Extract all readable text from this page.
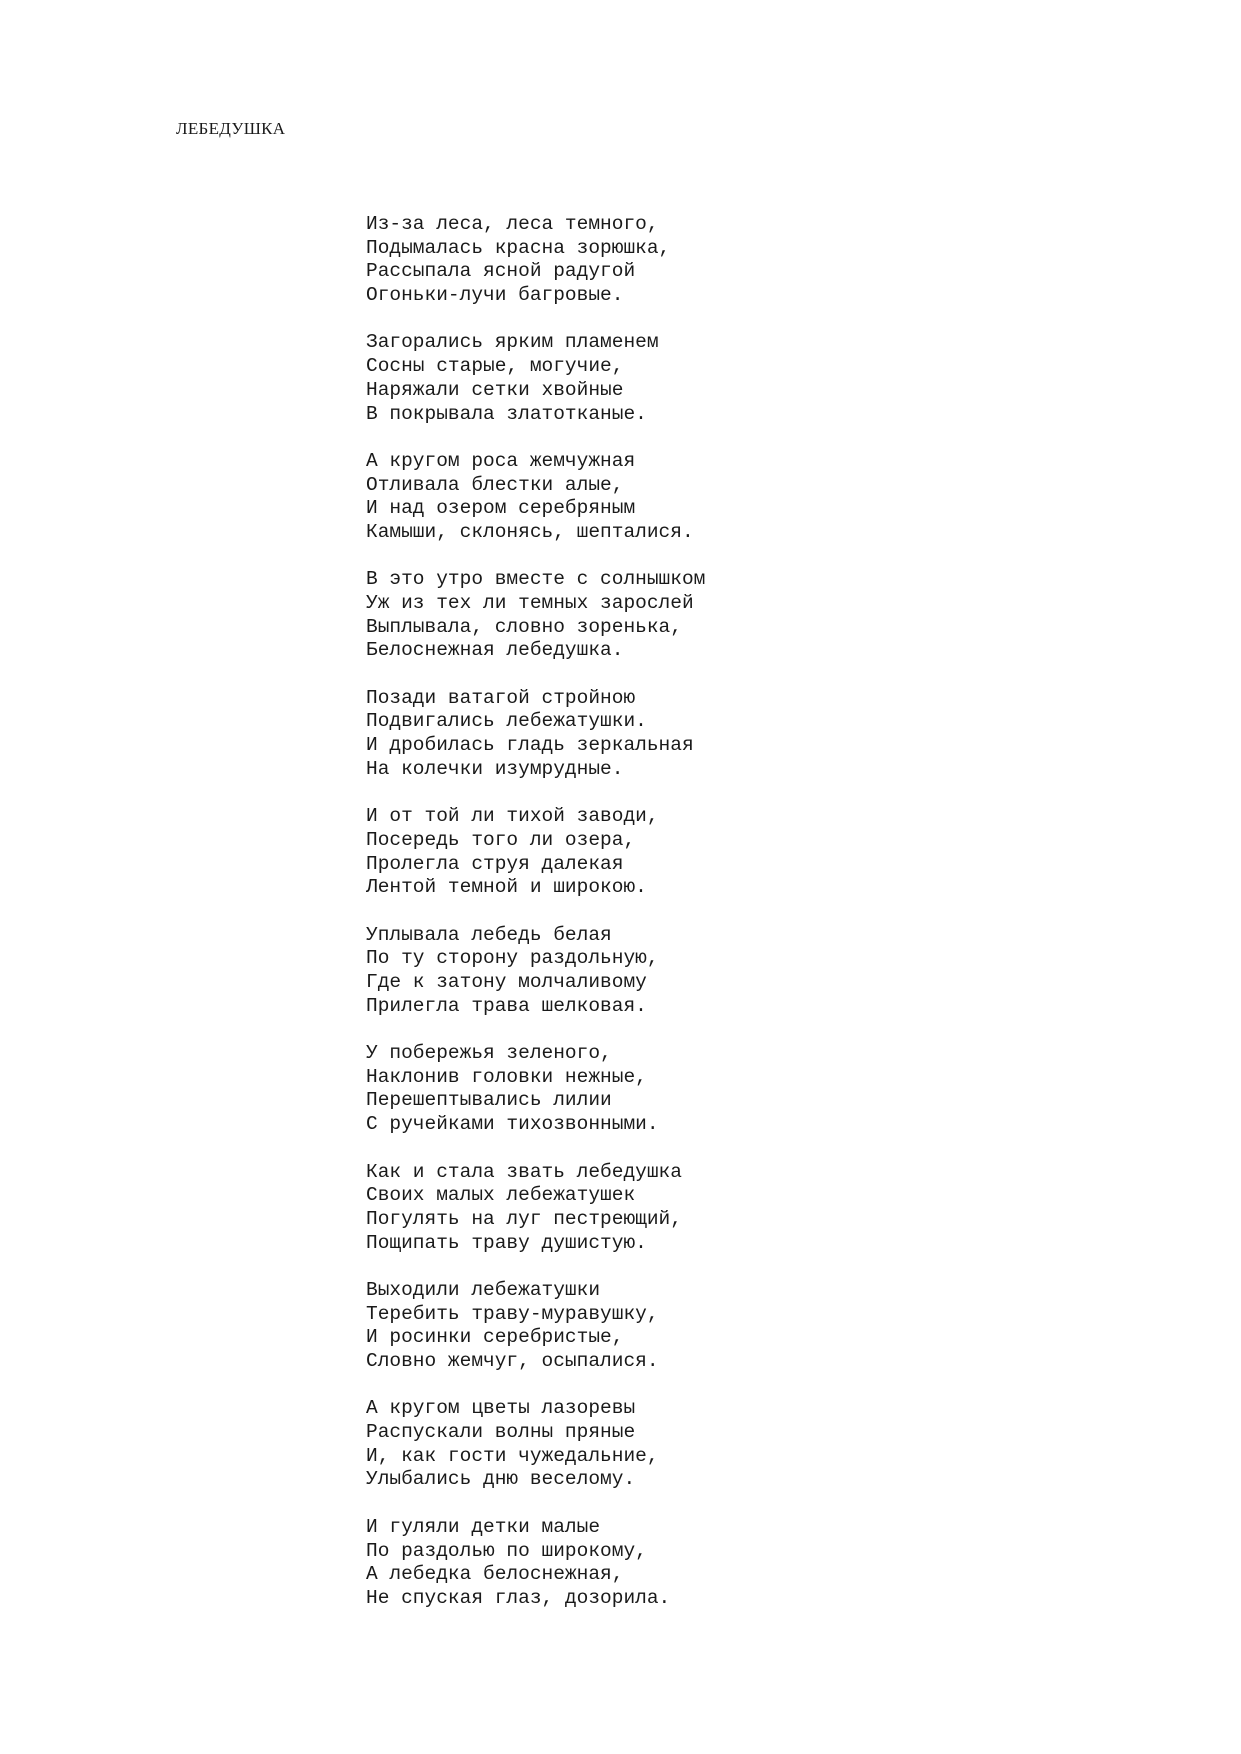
ЛЕБЕДУШКА
Из-за леса, леса темного,
Подымалась красна зорюшка,
Рассыпала ясной радугой
Огоньки-лучи багровые.
Загорались ярким пламенем
Сосны старые, могучие,
Наряжали сетки хвойные
В покрывала златотканые.
А кругом роса жемчужная
Отливала блестки алые,
И над озером серебряным
Камыши, склонясь, шепталися.
В это утро вместе с солнышком
Уж из тех ли темных зарослей
Выплывала, словно зоренька,
Белоснежная лебедушка.
Позади ватагой стройною
Подвигались лебежатушки.
И дробилась гладь зеркальная
На колечки изумрудные.
И от той ли тихой заводи,
Посередь того ли озера,
Пролегла струя далекая
Лентой темной и широкою.
Уплывала лебедь белая
По ту сторону раздольную,
Где к затону молчаливому
Прилегла трава шелковая.
У побережья зеленого,
Наклонив головки нежные,
Перешептывались лилии
С ручейками тихозвонными.
Как и стала звать лебедушка
Своих малых лебежатушек
Погулять на луг пестреющий,
Пощипать траву душистую.
Выходили лебежатушки
Теребить траву-муравушку,
И росинки серебристые,
Словно жемчуг, осыпалися.
А кругом цветы лазоревы
Распускали волны пряные
И, как гости чужедальние,
Улыбались дню веселому.
И гуляли детки малые
По раздолью по широкому,
А лебедка белоснежная,
Не спуская глаз, дозорила.
